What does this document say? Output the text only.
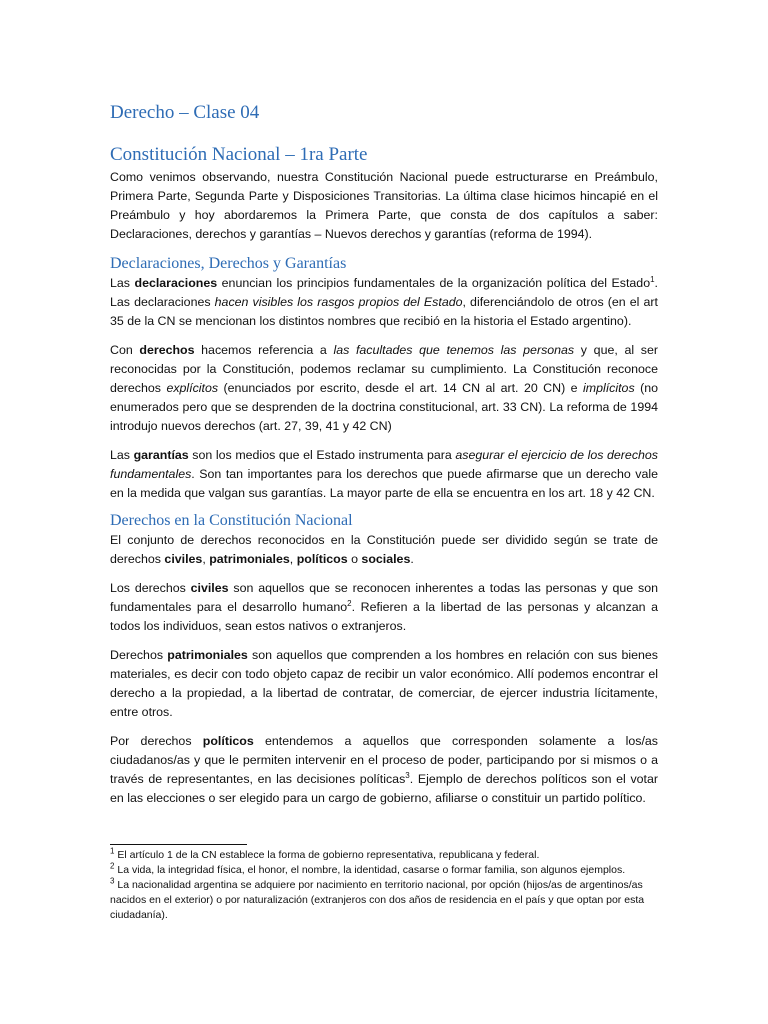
Derecho – Clase 04
Constitución Nacional – 1ra Parte

Como venimos observando, nuestra Constitución Nacional puede estructurarse en Preámbulo, Primera Parte, Segunda Parte y Disposiciones Transitorias. La última clase hicimos hincapié en el Preámbulo y hoy abordaremos la Primera Parte, que consta de dos capítulos a saber: Declaraciones, derechos y garantías – Nuevos derechos y garantías (reforma de 1994).

Declaraciones, Derechos y Garantías

Las declaraciones enuncian los principios fundamentales de la organización política del Estado$^1$. Las declaraciones hacen visibles los rasgos propios del Estado, diferenciándolo de otros (en el art 35 de la CN se mencionan los distintos nombres que recibió en la historia el Estado argentino).

Con derechos hacemos referencia a las facultades que tenemos las personas y que, al ser reconocidas por la Constitución, podemos reclamar su cumplimiento. La Constitución reconoce derechos explícitos (enunciados por escrito, desde el art. 14 CN al art. 20 CN) e implícitos (no enumerados pero que se desprenden de la doctrina constitucional, art. 33 CN). La reforma de 1994 introdujo nuevos derechos (art. 27, 39, 41 y 42 CN)

Las garantías son los medios que el Estado instrumenta para asegurar el ejercicio de los derechos fundamentales. Son tan importantes para los derechos que puede afirmarse que un derecho vale en la medida que valgan sus garantías. La mayor parte de ella se encuentra en los art. 18 y 42 CN.

Derechos en la Constitución Nacional

El conjunto de derechos reconocidos en la Constitución puede ser dividido según se trate de derechos civiles, patrimoniales, políticos o sociales.

Los derechos civiles son aquellos que se reconocen inherentes a todas las personas y que son fundamentales para el desarrollo humano$^2$. Refieren a la libertad de las personas y alcanzan a todos los individuos, sean estos nativos o extranjeros.

Derechos patrimoniales son aquellos que comprenden a los hombres en relación con sus bienes materiales, es decir con todo objeto capaz de recibir un valor económico. Allí podemos encontrar el derecho a la propiedad, a la libertad de contratar, de comerciar, de ejercer industria lícitamente, entre otros.

Por derechos políticos entendemos a aquellos que corresponden solamente a los/as ciudadanos/as y que le permiten intervenir en el proceso de poder, participando por si mismos o a través de representantes, en las decisiones políticas$^3$. Ejemplo de derechos políticos son el votar en las elecciones o ser elegido para un cargo de gobierno, afiliarse o constituir un partido político.

$^1$ El artículo 1 de la CN establece la forma de gobierno representativa, republicana y federal.

$^2$ La vida, la integridad física, el honor, el nombre, la identidad, casarse o formar familia, son algunos ejemplos.

$^3$ La nacionalidad argentina se adquiere por nacimiento en territorio nacional, por opción (hijos/as de argentinos/as nacidos en el exterior) o por naturalización (extranjeros con dos años de residencia en el país y que optan por esta ciudadanía).
